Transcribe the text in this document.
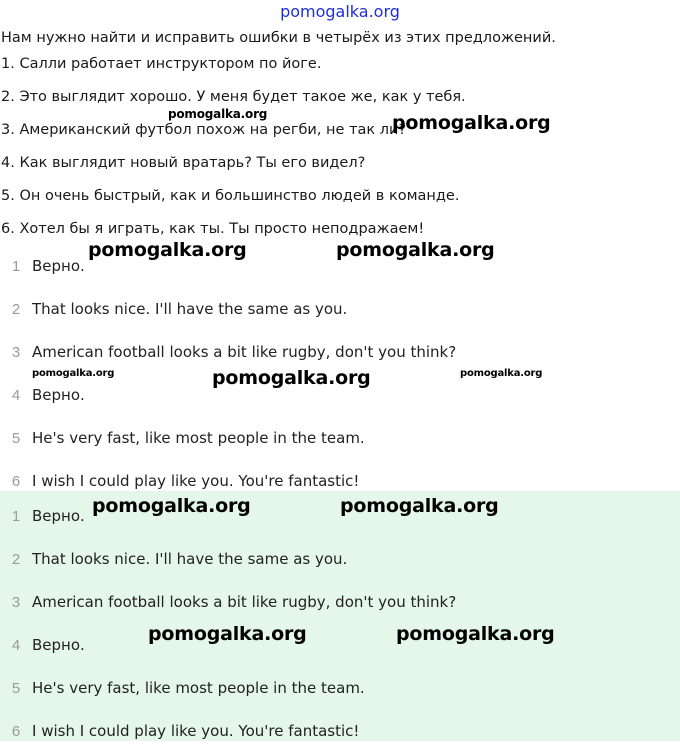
pomogalka.org
Нам нужно найти и исправить ошибки в четырёх из этих предложений.
1. Салли работает инструктором по йоге.
2. Это выглядит хорошо. У меня будет такое же, как у тебя.
3. Американский футбол похож на регби, не так ли?
4. Как выглядит новый вратарь? Ты его видел?
5. Он очень быстрый, как и большинство людей в команде.
6. Хотел бы я играть, как ты. Ты просто неподражаем!
1 Верно.
2 That looks nice. I'll have the same as you.
3 American football looks a bit like rugby, don't you think?
4 Верно.
5 He's very fast, like most people in the team.
6 I wish I could play like you. You're fantastic!
1 Верно.
2 That looks nice. I'll have the same as you.
3 American football looks a bit like rugby, don't you think?
4 Верно.
5 He's very fast, like most people in the team.
6 I wish I could play like you. You're fantastic!
pomogalka.org	pomogalka.org
pomogalka.org	pomogalka.org
pomogalka.org	pomogalka.org	pomogalka.org
pomogalka.org	pomogalka.org
pomogalka.org	pomogalka.org
